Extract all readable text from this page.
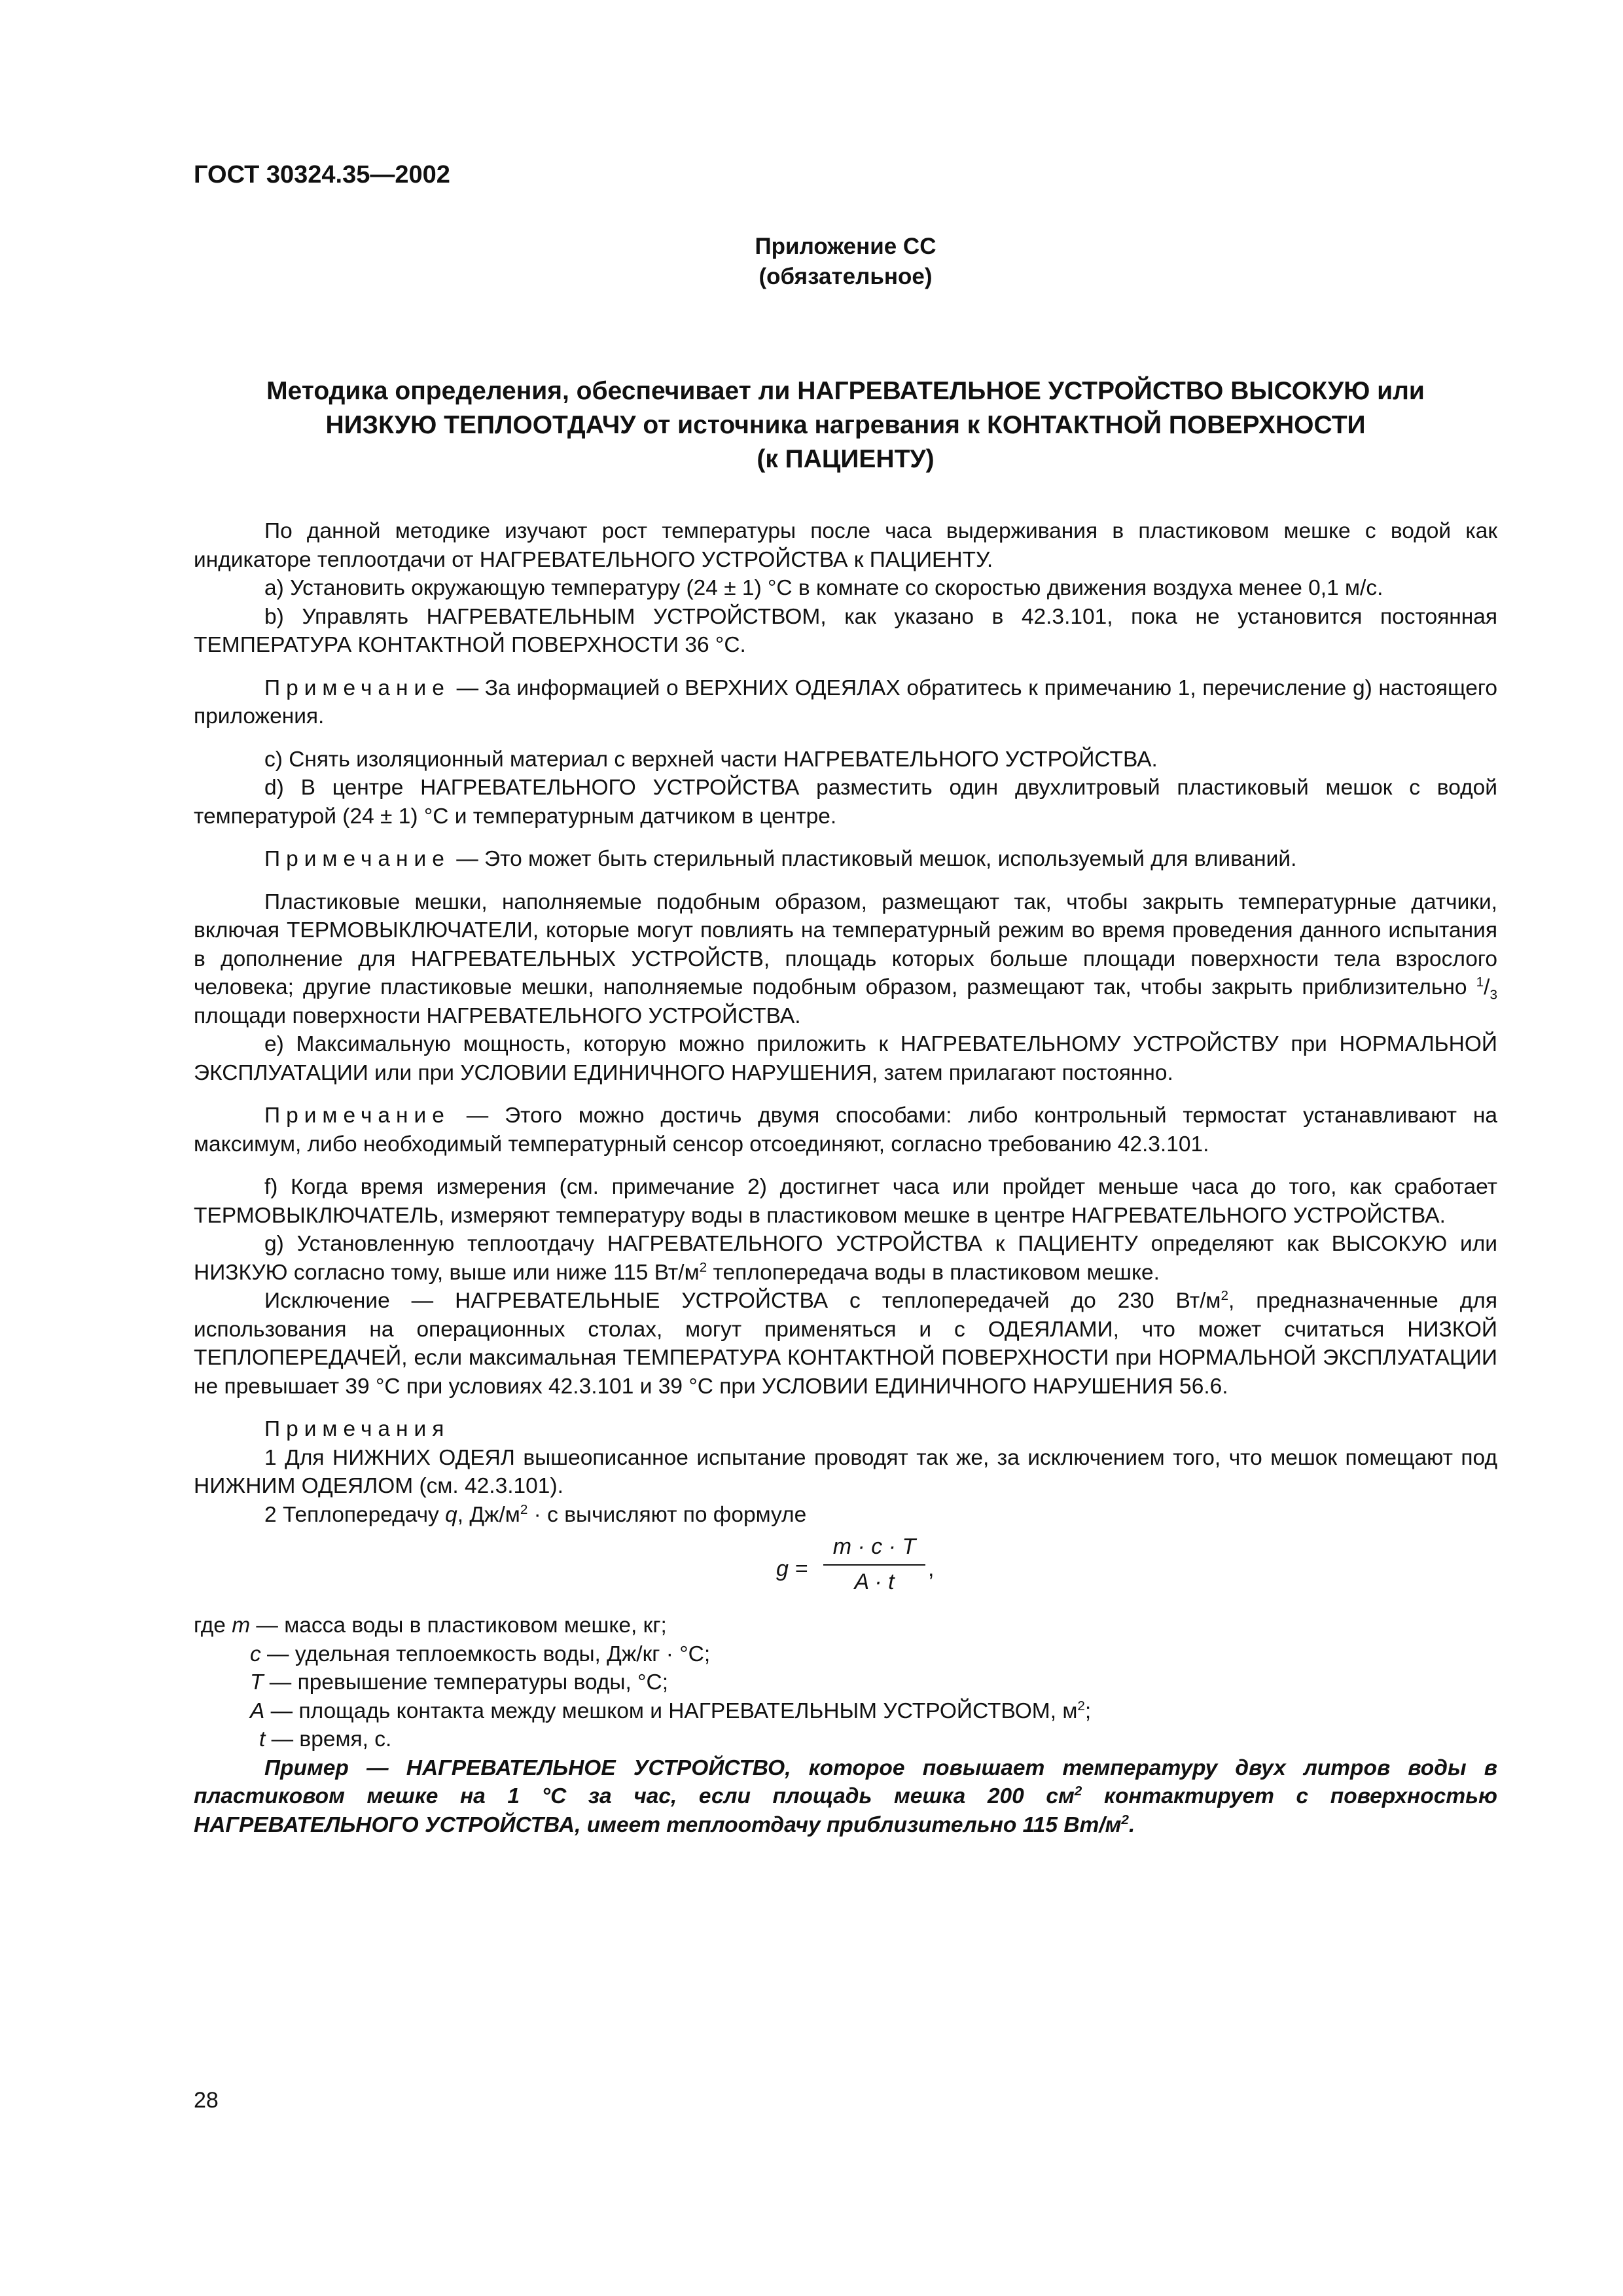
ГОСТ 30324.35—2002
Приложение СС
(обязательное)
Методика определения, обеспечивает ли НАГРЕВАТЕЛЬНОЕ УСТРОЙСТВО ВЫСОКУЮ или
НИЗКУЮ ТЕПЛООТДАЧУ от источника нагревания к КОНТАКТНОЙ ПОВЕРХНОСТИ
(к ПАЦИЕНТУ)

По данной методике изучают рост температуры после часа выдерживания в пластиковом мешке с водой как индикаторе теплоотдачи от НАГРЕВАТЕЛЬНОГО УСТРОЙСТВА к ПАЦИЕНТУ.

а) Установить окружающую температуру (24 ± 1) °С в комнате со скоростью движения воздуха менее 0,1 м/с.

b) Управлять НАГРЕВАТЕЛЬНЫМ УСТРОЙСТВОМ, как указано в 42.3.101, пока не установится постоянная ТЕМПЕРАТУРА КОНТАКТНОЙ ПОВЕРХНОСТИ 36 °С.

Примечание — За информацией о ВЕРХНИХ ОДЕЯЛАХ обратитесь к примечанию 1, перечисление g) настоящего приложения.

с) Снять изоляционный материал с верхней части НАГРЕВАТЕЛЬНОГО УСТРОЙСТВА.

d) В центре НАГРЕВАТЕЛЬНОГО УСТРОЙСТВА разместить один двухлитровый пластиковый мешок с водой температурой (24 ± 1) °С и температурным датчиком в центре.

Примечание — Это может быть стерильный пластиковый мешок, используемый для вливаний.

Пластиковые мешки, наполняемые подобным образом, размещают так, чтобы закрыть температурные датчики, включая ТЕРМОВЫКЛЮЧАТЕЛИ, которые могут повлиять на температурный режим во время проведения данного испытания в дополнение для НАГРЕВАТЕЛЬНЫХ УСТРОЙСТВ, площадь которых больше площади поверхности тела взрослого человека; другие пластиковые мешки, наполняемые подобным образом, размещают так, чтобы закрыть приблизительно $^1/_3$ площади поверхности НАГРЕВАТЕЛЬНОГО УСТРОЙСТВА.

е) Максимальную мощность, которую можно приложить к НАГРЕВАТЕЛЬНОМУ УСТРОЙСТВУ при НОРМАЛЬНОЙ ЭКСПЛУАТАЦИИ или при УСЛОВИИ ЕДИНИЧНОГО НАРУШЕНИЯ, затем прилагают постоянно.

Примечание — Этого можно достичь двумя способами: либо контрольный термостат устанавливают на максимум, либо необходимый температурный сенсор отсоединяют, согласно требованию 42.3.101.

f) Когда время измерения (см. примечание 2) достигнет часа или пройдет меньше часа до того, как сработает ТЕРМОВЫКЛЮЧАТЕЛЬ, измеряют температуру воды в пластиковом мешке в центре НАГРЕВАТЕЛЬНОГО УСТРОЙСТВА.

g) Установленную теплоотдачу НАГРЕВАТЕЛЬНОГО УСТРОЙСТВА к ПАЦИЕНТУ определяют как ВЫСОКУЮ или НИЗКУЮ согласно тому, выше или ниже 115 $Вт/м^2$ теплопередача воды в пластиковом мешке.

Исключение — НАГРЕВАТЕЛЬНЫЕ УСТРОЙСТВА с теплопередачей до 230 $Вт/м^2$, предназначенные для использования на операционных столах, могут применяться и с ОДЕЯЛАМИ, что может считаться НИЗКОЙ ТЕПЛОПЕРЕДАЧЕЙ, если максимальная ТЕМПЕРАТУРА КОНТАКТНОЙ ПОВЕРХНОСТИ при НОРМАЛЬНОЙ ЭКСПЛУАТАЦИИ не превышает 39 °С при условиях 42.3.101 и 39 °С при УСЛОВИИ ЕДИНИЧНОГО НАРУШЕНИЯ 56.6.

Примечания

1 Для НИЖНИХ ОДЕЯЛ вышеописанное испытание проводят так же, за исключением того, что мешок помещают под НИЖНИМ ОДЕЯЛОМ (см. 42.3.101).

2 Теплопередачу q, $Дж/м^2 \cdot с$ вычисляют по формуле

$g = \frac{m \cdot c \cdot T}{A \cdot t}$ ,
где m — масса воды в пластиковом мешке, кг;
c — удельная теплоемкость воды, Дж/кг · °С;
T — превышение температуры воды, °С;
A — площадь контакта между мешком и НАГРЕВАТЕЛЬНЫМ УСТРОЙСТВОМ, $м^2$;
t — время, с.

Пример — НАГРЕВАТЕЛЬНОЕ УСТРОЙСТВО, которое повышает температуру двух литров воды в пластиковом мешке на 1 °С за час, если площадь мешка 200 $см^2$ контактирует с поверхностью НАГРЕВАТЕЛЬНОГО УСТРОЙСТВА, имеет теплоотдачу приблизительно 115 $Вт/м^2$.

28
